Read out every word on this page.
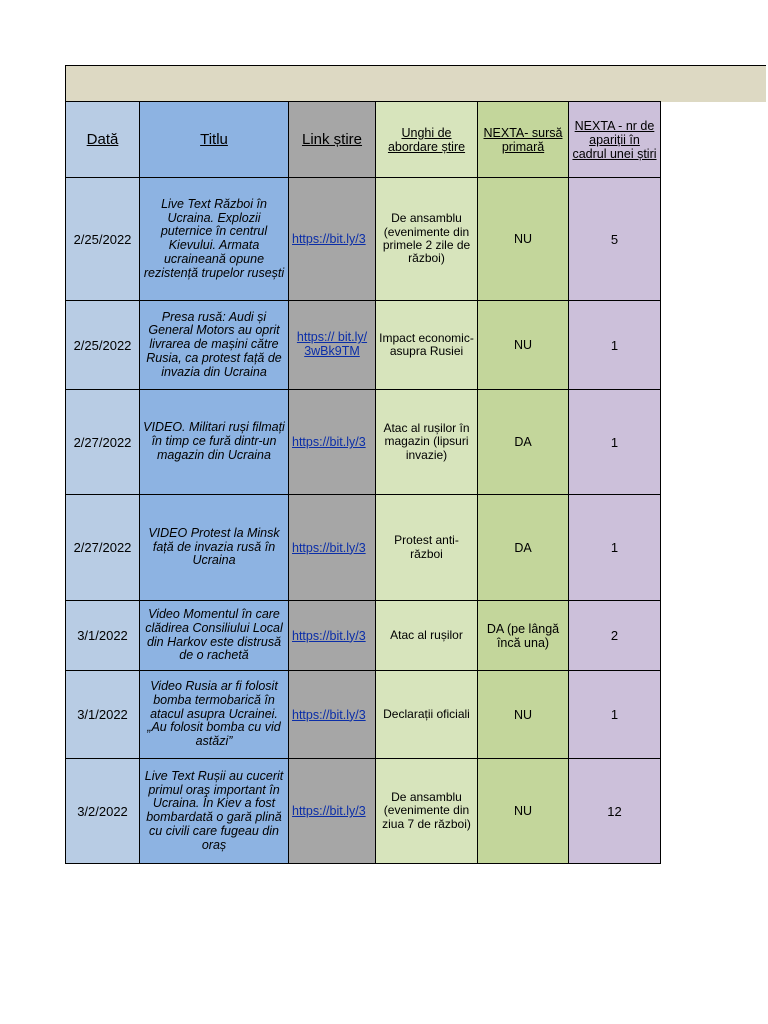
Dată	Titlu	Link știre	Unghi de abordare știre	NEXTA- sursă primară	NEXTA - nr de apariții în cadrul unei știri
2/25/2022	Live Text Război în Ucraina. Explozii puternice în centrul Kievului. Armata ucraineană opune rezistență trupelor rusești	https://bit.ly/3	De ansamblu (evenimente din primele 2 zile de război)	NU	5
2/25/2022	Presa rusă: Audi și General Motors au oprit livrarea de mașini către Rusia, ca protest față de invazia din Ucraina	https:// bit.ly/ 3wBk9TM	Impact economic-asupra Rusiei	NU	1
2/27/2022	VIDEO. Militari ruși filmați în timp ce fură dintr-un magazin din Ucraina	https://bit.ly/3	Atac al rușilor în magazin (lipsuri invazie)	DA	1
2/27/2022	VIDEO Protest la Minsk față de invazia rusă în Ucraina	https://bit.ly/3	Protest anti-război	DA	1
3/1/2022	Video Momentul în care clădirea Consiliului Local din Harkov este distrusă de o rachetă	https://bit.ly/3	Atac al rușilor	DA (pe lângă încă una)	2
3/1/2022	Video Rusia ar fi folosit bomba termobarică în atacul asupra Ucrainei. „Au folosit bomba cu vid astăzi”	https://bit.ly/3	Declarații oficiali	NU	1
3/2/2022	Live Text Rușii au cucerit primul oraș important în Ucraina. În Kiev a fost bombardată o gară plină cu civili care fugeau din oraș	https://bit.ly/3	De ansamblu (evenimente din ziua 7 de război)	NU	12
